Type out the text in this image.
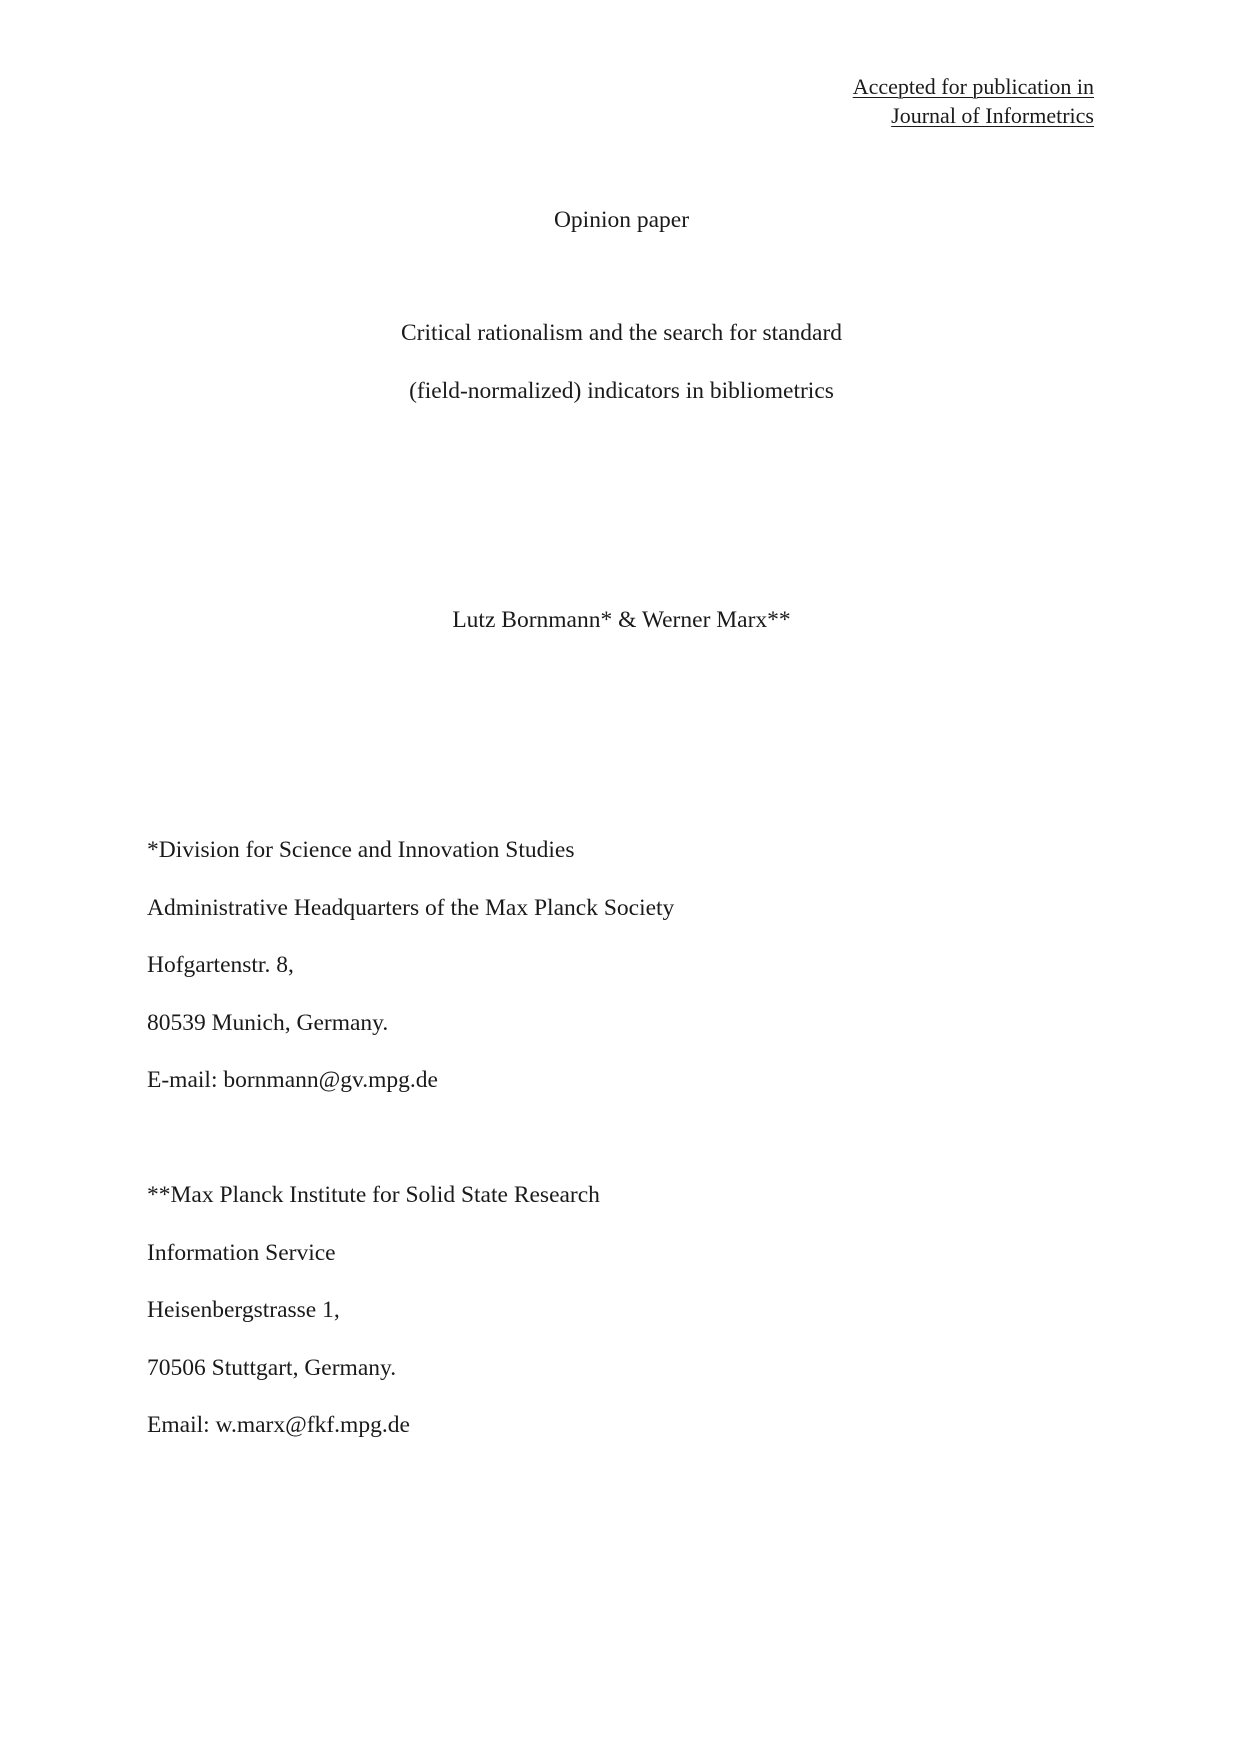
Accepted for publication in
Journal of Informetrics
Opinion paper
Critical rationalism and the search for standard
(field-normalized) indicators in bibliometrics
Lutz Bornmann* & Werner Marx**
*Division for Science and Innovation Studies
Administrative Headquarters of the Max Planck Society
Hofgartenstr. 8,
80539 Munich, Germany.
E-mail: bornmann@gv.mpg.de
**Max Planck Institute for Solid State Research
Information Service
Heisenbergstrasse 1,
70506 Stuttgart, Germany.
Email: w.marx@fkf.mpg.de
